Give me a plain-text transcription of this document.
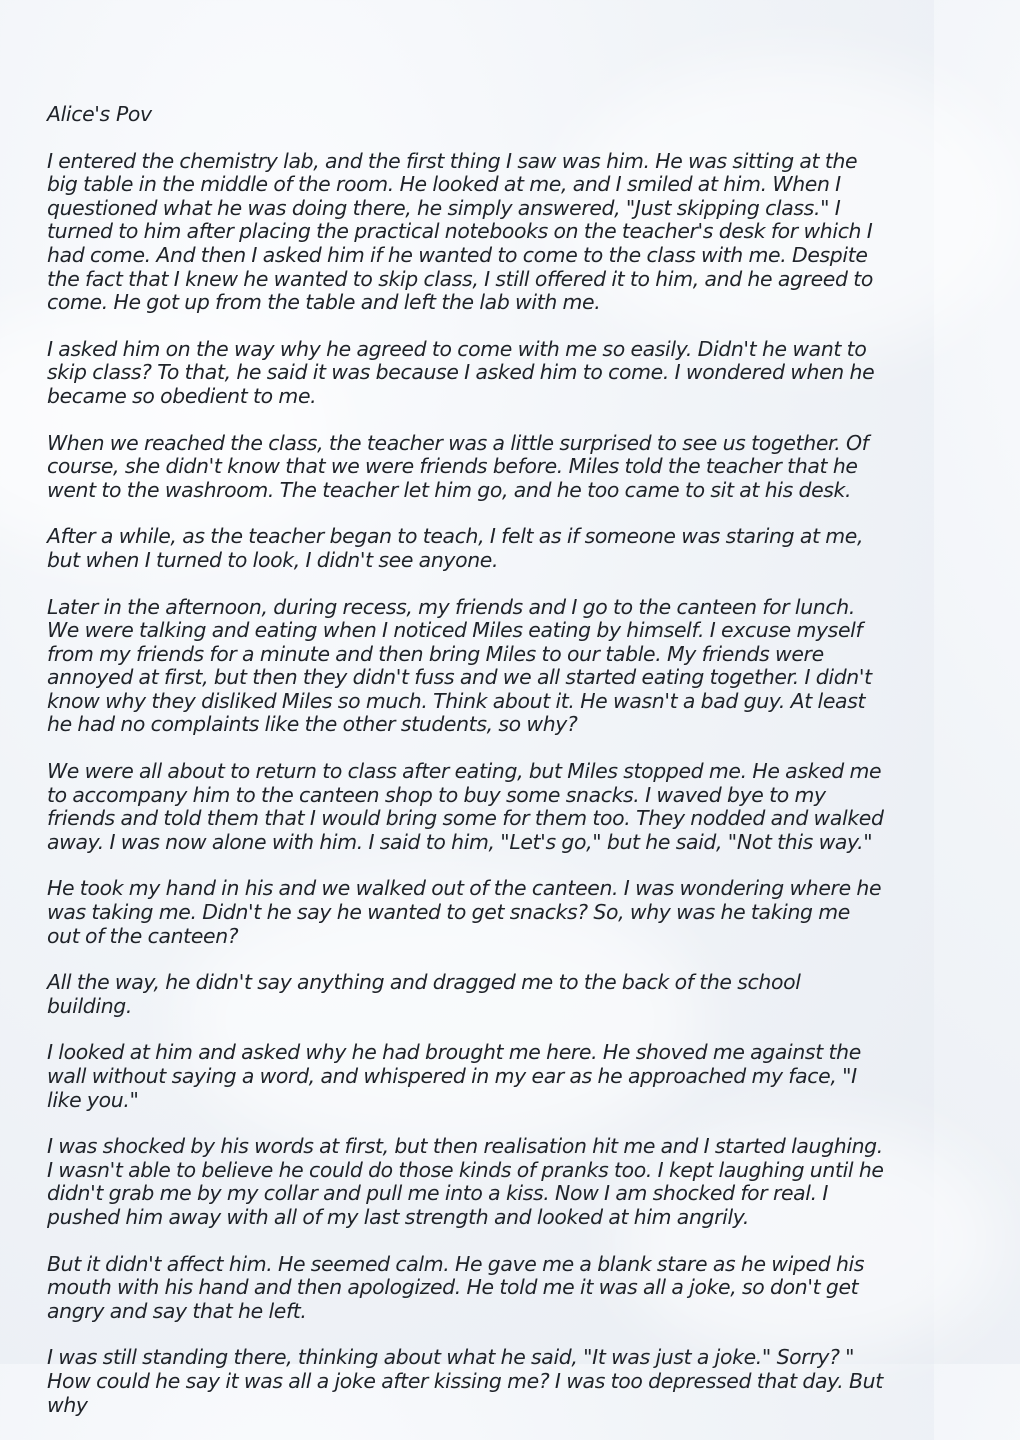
Alice's Pov

I entered the chemistry lab, and the first thing I saw was him. He was sitting at the big table in the middle of the room. He looked at me, and I smiled at him. When I questioned what he was doing there, he simply answered, "Just skipping class." I turned to him after placing the practical notebooks on the teacher's desk for which I had come. And then I asked him if he wanted to come to the class with me. Despite the fact that I knew he wanted to skip class, I still offered it to him, and he agreed to come. He got up from the table and left the lab with me.

I asked him on the way why he agreed to come with me so easily. Didn't he want to skip class? To that, he said it was because I asked him to come. I wondered when he became so obedient to me.

When we reached the class, the teacher was a little surprised to see us together. Of course, she didn't know that we were friends before. Miles told the teacher that he went to the washroom. The teacher let him go, and he too came to sit at his desk.

After a while, as the teacher began to teach, I felt as if someone was staring at me, but when I turned to look, I didn't see anyone.

Later in the afternoon, during recess, my friends and I go to the canteen for lunch. We were talking and eating when I noticed Miles eating by himself. I excuse myself from my friends for a minute and then bring Miles to our table. My friends were annoyed at first, but then they didn't fuss and we all started eating together. I didn't know why they disliked Miles so much. Think about it. He wasn't a bad guy. At least he had no complaints like the other students, so why?

We were all about to return to class after eating, but Miles stopped me. He asked me to accompany him to the canteen shop to buy some snacks. I waved bye to my friends and told them that I would bring some for them too. They nodded and walked away. I was now alone with him. I said to him, "Let's go," but he said, "Not this way."

He took my hand in his and we walked out of the canteen. I was wondering where he was taking me. Didn't he say he wanted to get snacks? So, why was he taking me out of the canteen?

All the way, he didn't say anything and dragged me to the back of the school building.

I looked at him and asked why he had brought me here. He shoved me against the wall without saying a word, and whispered in my ear as he approached my face, "I like you."

I was shocked by his words at first, but then realisation hit me and I started laughing. I wasn't able to believe he could do those kinds of pranks too. I kept laughing until he didn't grab me by my collar and pull me into a kiss. Now I am shocked for real. I pushed him away with all of my last strength and looked at him angrily.

But it didn't affect him. He seemed calm. He gave me a blank stare as he wiped his mouth with his hand and then apologized. He told me it was all a joke, so don't get angry and say that he left.

I was still standing there, thinking about what he said, "It was just a joke." Sorry? " How could he say it was all a joke after kissing me? I was too depressed that day. But why
